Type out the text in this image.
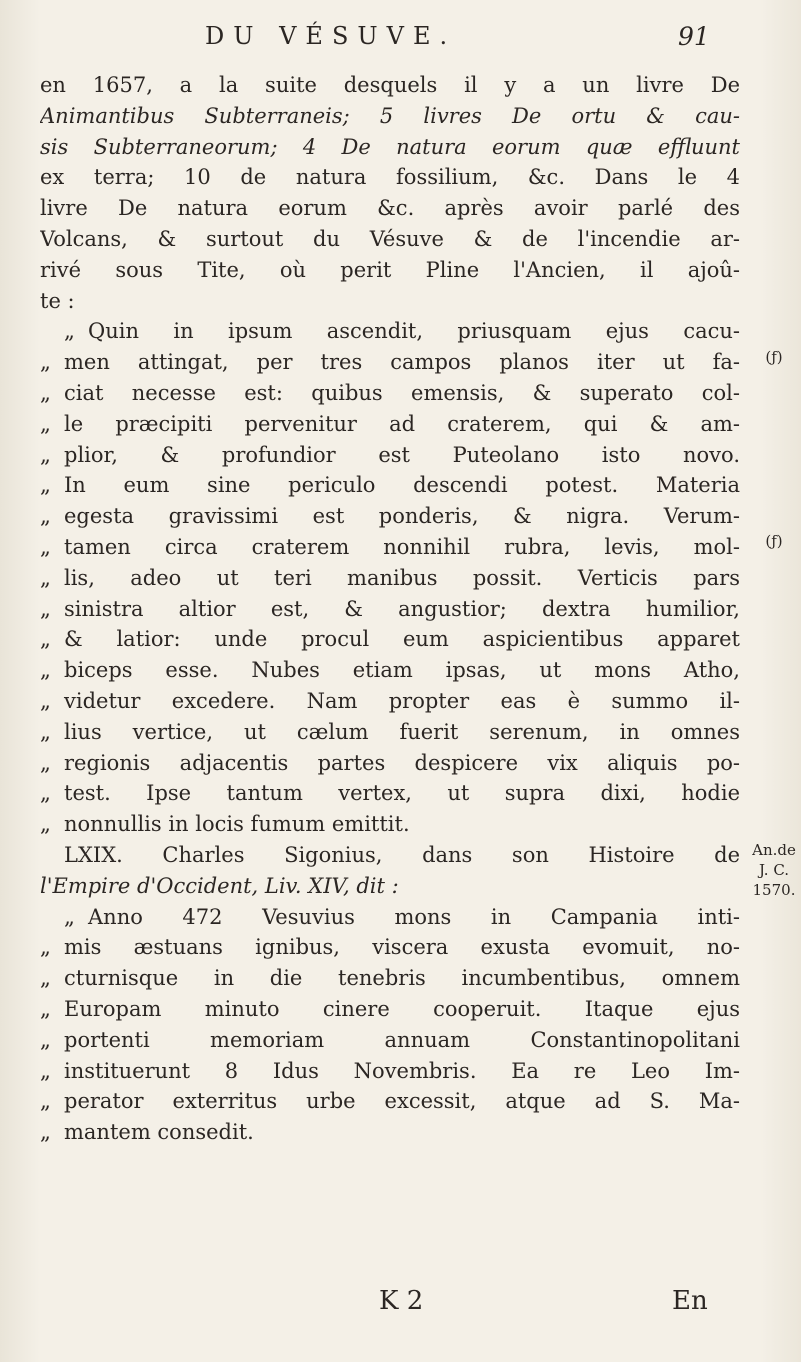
DU VÉSUVE.	91
en 1657, a la suite desquels il y a un livre De
Animantibus Subterraneis; 5 livres De ortu & cau-
sis Subterraneorum; 4 De natura eorum quæ effluunt
ex terra; 10 de natura fossilium, &c. Dans le 4
livre De natura eorum &c. après avoir parlé des
Volcans, & surtout du Vésuve & de l'incendie ar-
rivé sous Tite, où perit Pline l'Ancien, il ajoû-
te :
„ Quin in ipsum ascendit, priusquam ejus cacu-
„ men attingat, per tres campos planos iter ut fa-
„ ciat necesse est: quibus emensis, & superato col-
„ le præcipiti pervenitur ad craterem, qui & am-
„ plior, & profundior est Puteolano isto novo.
„ In eum sine periculo descendi potest. Materia
„ egesta gravissimi est ponderis, & nigra. Verum-
„ tamen circa craterem nonnihil rubra, levis, mol-
„ lis, adeo ut teri manibus possit. Verticis pars
„ sinistra altior est, & angustior; dextra humilior,
„ & latior: unde procul eum aspicientibus apparet
„ biceps esse. Nubes etiam ipsas, ut mons Atho,
„ videtur excedere. Nam propter eas è summo il-
„ lius vertice, ut cælum fuerit serenum, in omnes
„ regionis adjacentis partes despicere vix aliquis po-
„ test. Ipse tantum vertex, ut supra dixi, hodie
„ nonnullis in locis fumum emittit.
LXIX. Charles Sigonius, dans son Histoire de
l'Empire d'Occident, Liv. XIV, dit :
„ Anno 472 Vesuvius mons in Campania inti-
„ mis æstuans ignibus, viscera exusta evomuit, no-
„ cturnisque in die tenebris incumbentibus, omnem
„ Europam minuto cinere cooperuit. Itaque ejus
„ portenti memoriam annuam Constantinopolitani
„ instituerunt 8 Idus Novembris. Ea re Leo Im-
„ perator exterritus urbe excessit, atque ad S. Ma-
„ mantem consedit.
(ƒ)
(ƒ)
An.de
J. C.
1570.
K 2	En
